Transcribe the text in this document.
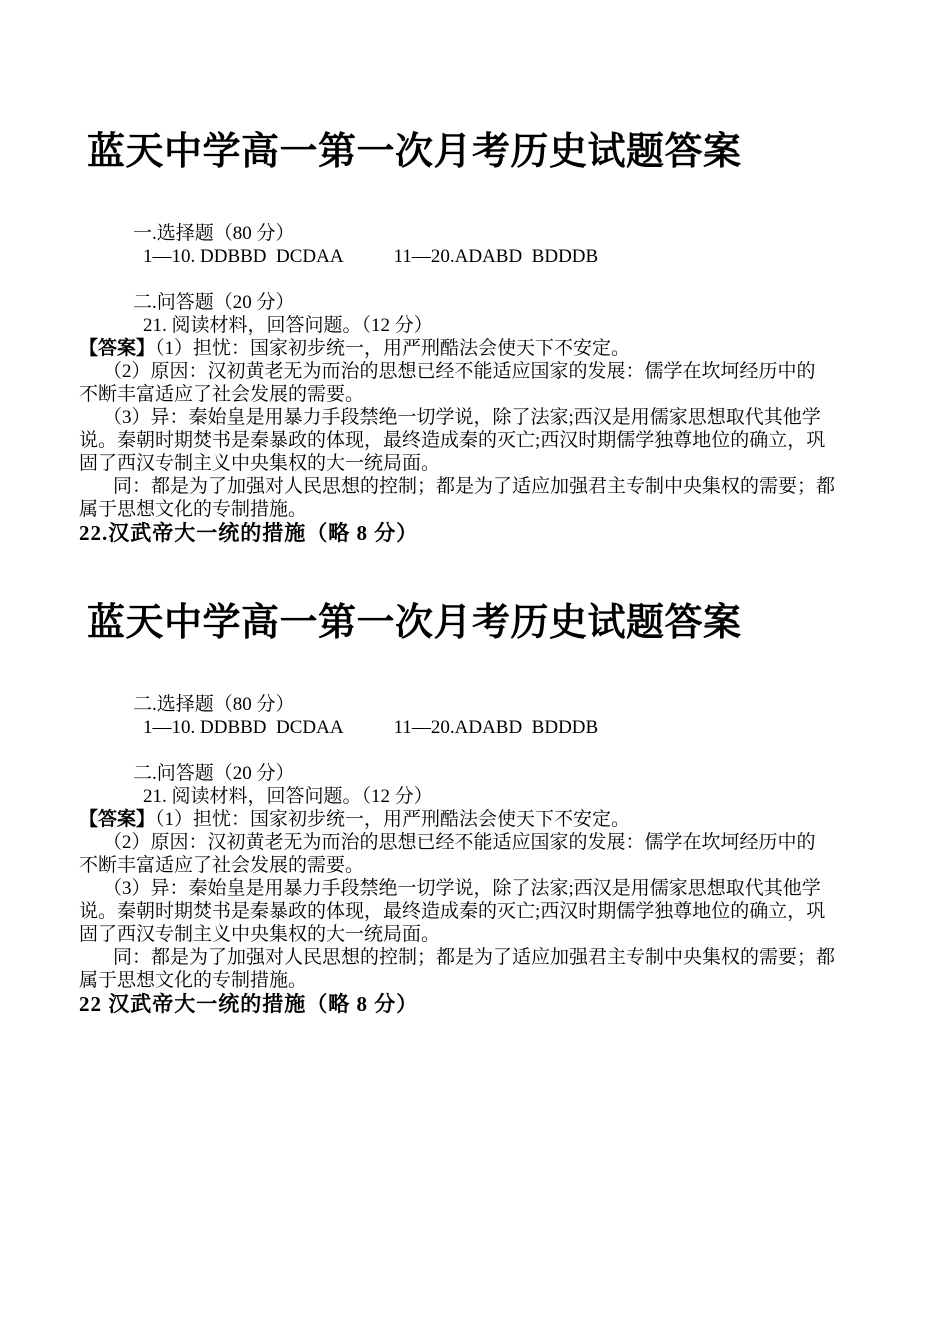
蓝天中学高一第一次月考历史试题答案
一.选择题（80 分）
1—10. DDBBD  DCDAA	11—20.ADABD  BDDDB
二.问答题（20 分）
21. 阅读材料，回答问题。（12 分）
【答案】（1）担忧：国家初步统一，用严刑酷法会使天下不安定。
（2）原因：汉初黄老无为而治的思想已经不能适应国家的发展：儒学在坎坷经历中的
不断丰富适应了社会发展的需要。
（3）异：秦始皇是用暴力手段禁绝一切学说，除了法家;西汉是用儒家思想取代其他学
说。秦朝时期焚书是秦暴政的体现，最终造成秦的灭亡;西汉时期儒学独尊地位的确立，巩
固了西汉专制主义中央集权的大一统局面。
同：都是为了加强对人民思想的控制；都是为了适应加强君主专制中央集权的需要；都
属于思想文化的专制措施。
22.汉武帝大一统的措施（略 8 分）
蓝天中学高一第一次月考历史试题答案
二.选择题（80 分）
1—10. DDBBD  DCDAA	11—20.ADABD  BDDDB
二.问答题（20 分）
21. 阅读材料，回答问题。（12 分）
【答案】（1）担忧：国家初步统一，用严刑酷法会使天下不安定。
（2）原因：汉初黄老无为而治的思想已经不能适应国家的发展：儒学在坎坷经历中的
不断丰富适应了社会发展的需要。
（3）异：秦始皇是用暴力手段禁绝一切学说，除了法家;西汉是用儒家思想取代其他学
说。秦朝时期焚书是秦暴政的体现，最终造成秦的灭亡;西汉时期儒学独尊地位的确立，巩
固了西汉专制主义中央集权的大一统局面。
同：都是为了加强对人民思想的控制；都是为了适应加强君主专制中央集权的需要；都
属于思想文化的专制措施。
22 汉武帝大一统的措施（略 8 分）
